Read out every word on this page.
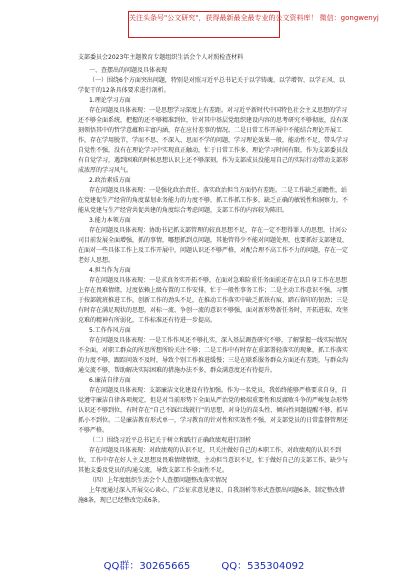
关注头条号"公文研究"，获得最新最全最专业的公文资料库！ 微信：gongwenyj
支部委员会2023年主题教育专题组织生活会个人对照检查材料
一、查摆出的问题及具体表现
（一）围绕6个方面突出问题，特别是对照习近平总书记关于以学铸魂、以学增智、以学正风、以学促干的12条具体要求进行剖析。
1.理论学习方面
存在问题及具体表现：一是思想学习深度上有差距。对习近平新时代中国特色社会主义思想的学习还不够全面系统，把握的还不够精准到位，针对其中基层党组织建设内容的思考研究不够彻底，没有深刻领悟其中的哲学意蕴和丰富内涵，存在应付差事的情况。二是日常工作开展中不能结合理论开展工作，存在学用脱节，学而不思、不深入、思而不学的问题，学习理论效果一般，能动性不足，带头学习自觉性不强，没有在理论学习中实现真正触动，忙于日常工作多，理论学习时间有限，作为支部委员没有自觉学习，遇到困难的时候思想认识上还不够深刻，作为支部成员没能用自己的实际行动带动支部形成浓厚的学习风气。
2.政治素质方面
存在问题及具体表现：一是强化政治责任、落实政治担当方面仍有差距。二是工作缺乏前瞻性，站在党建促生产经营的角度谋划业务能力的力度不够，抓工作抓工作多，缺乏正确的敏锐性和洞察力，不能从党建与生产经营共促共建的角度综合考虑问题，支部工作的内容较为陈旧。
3.能力本领方面
存在问题及具体表现：协助书记抓支部管理的较真思想不足，存在一定不想得罪人的思想，甘河公司目前发展全面增强，抓的事情，哪想抓到点问题，其他管得少不能对问题处理，也要抓好支部建设，在面对一些具体工作上及工作开展中，问题认识还不够严格，对配合理不高工作不力的问题，存在一定老好人思想。
4.担当作为方面
存在问题及具体表现：一是求真务实开拓不够，在面对急难险重任务面前还存在以自身工作在思想上存在畏难情绪，过度依赖上级布置的工作安排，忙于一般性事务工作；二是主动工作意识不强，习惯于按部就班推进工作，创新工作的劲头不足，在推动工作落实中缺乏抓铁有痕、踏石留印的韧劲；三是有时存在满足现状的思想，对标一流、争创一流的意识不够强，面对新形势新任务时，开拓进取、攻坚克难的精神有所弱化，工作标准还有待进一步提高。
5.工作作风方面
存在问题及具体表现：一是工作作风还不够扎实，深入基层调查研究不够，了解掌握一线实际情况不全面，对职工群众的所思所想所盼关注不够；二是工作中有时存在重部署轻落实的现象，抓工作落实的力度不够，跟踪问效不及时，导致个别工作推进缓慢；三是在联系服务群众方面还有差距，与群众沟通交流不够，帮助解决实际困难的措施办法不多，群众满意度还有待提升。
6.廉洁自律方面
存在问题及具体表现：支部廉洁文化建设有待加强。作为一名党员，我始终能够严格要求自身，自觉遵守廉洁自律各项规定，但是对当前形势下全面从严治党的极端重要性和反腐败斗争的严峻复杂形势认识还不够到位，有时存在“自己不踩红线就行”的思想，对身边的苗头性、倾向性问题提醒不够，抓早抓小不到位。二是廉洁教育形式单一，学习教育的针对性和实效性不强，对支部党员的日常监督管理还不够严格。
（二）围绕习近平总书记关于树立和践行正确政绩观进行剖析
存在问题及具体表现：对政绩观的认识不足。只关注做好自己的本职工作，对政绩观的认识不到位，工作中存在好人主义思想及畏难情绪情绪，主动担当意识不足，忙于做好自己的支部工作，缺少与其他支委及党员的沟通交流，导致支部工作全面性不足。
（四）上年度组织生活会个人查摆问题整改落实情况
上年度通过深入开展交心谈心、广泛征求意见建议、自我剖析等形式查摆出问题6条，制定整改措施8条，现已已经整改完成6条。
QQ群：30265665	QQ：535304092
